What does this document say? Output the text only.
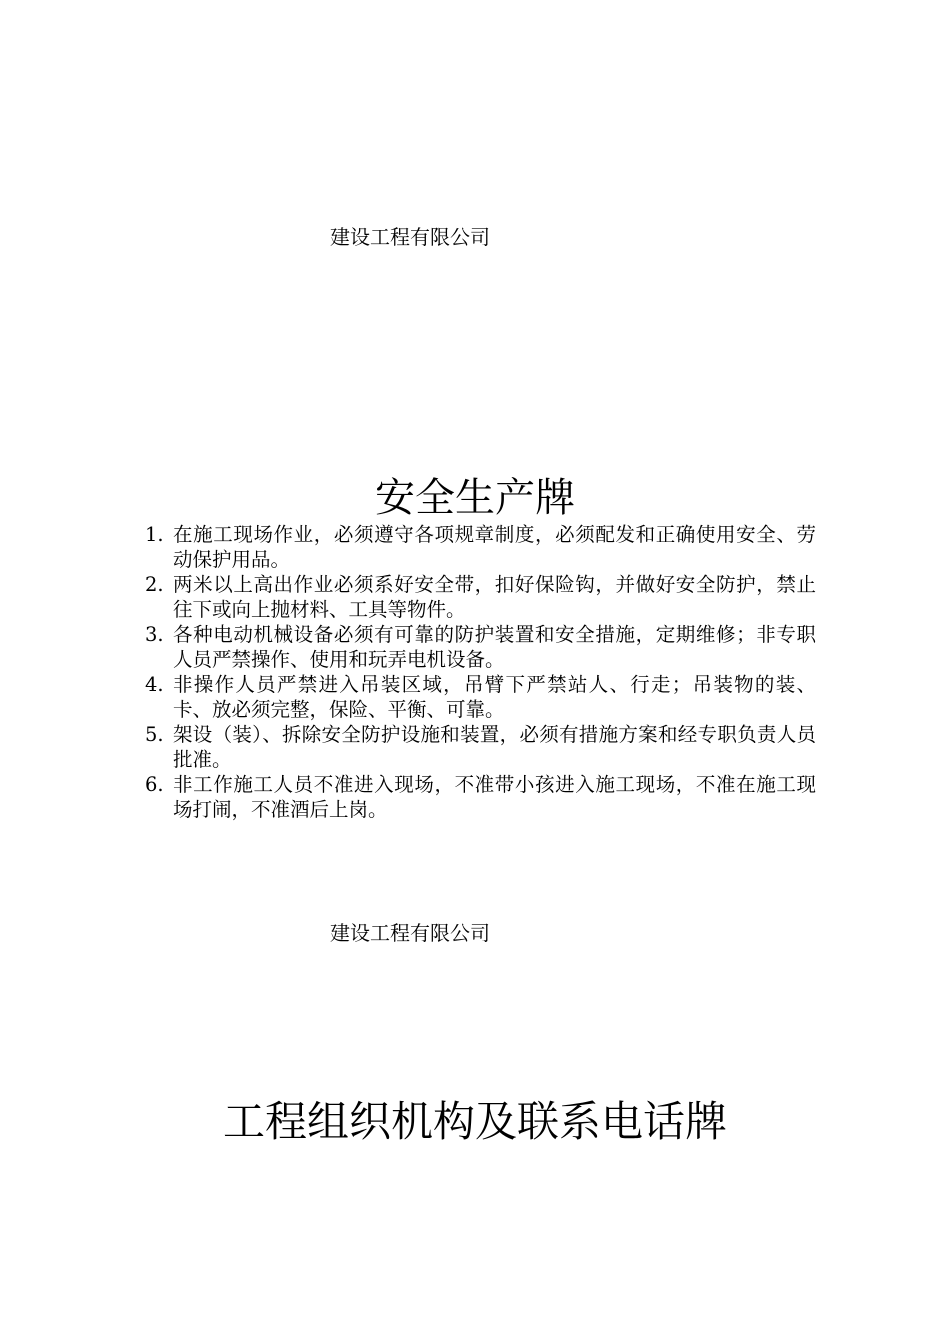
建设工程有限公司
安全生产牌
1. 在施工现场作业，必须遵守各项规章制度，必须配发和正确使用安全、劳动保护用品。
2. 两米以上高出作业必须系好安全带，扣好保险钩，并做好安全防护，禁止往下或向上抛材料、工具等物件。
3. 各种电动机械设备必须有可靠的防护装置和安全措施，定期维修；非专职人员严禁操作、使用和玩弄电机设备。
4. 非操作人员严禁进入吊装区域，吊臂下严禁站人、行走；吊装物的装、卡、放必须完整，保险、平衡、可靠。
5. 架设（装）、拆除安全防护设施和装置，必须有措施方案和经专职负责人员批准。
6. 非工作施工人员不准进入现场，不准带小孩进入施工现场，不准在施工现场打闹，不准酒后上岗。
建设工程有限公司
工程组织机构及联系电话牌
